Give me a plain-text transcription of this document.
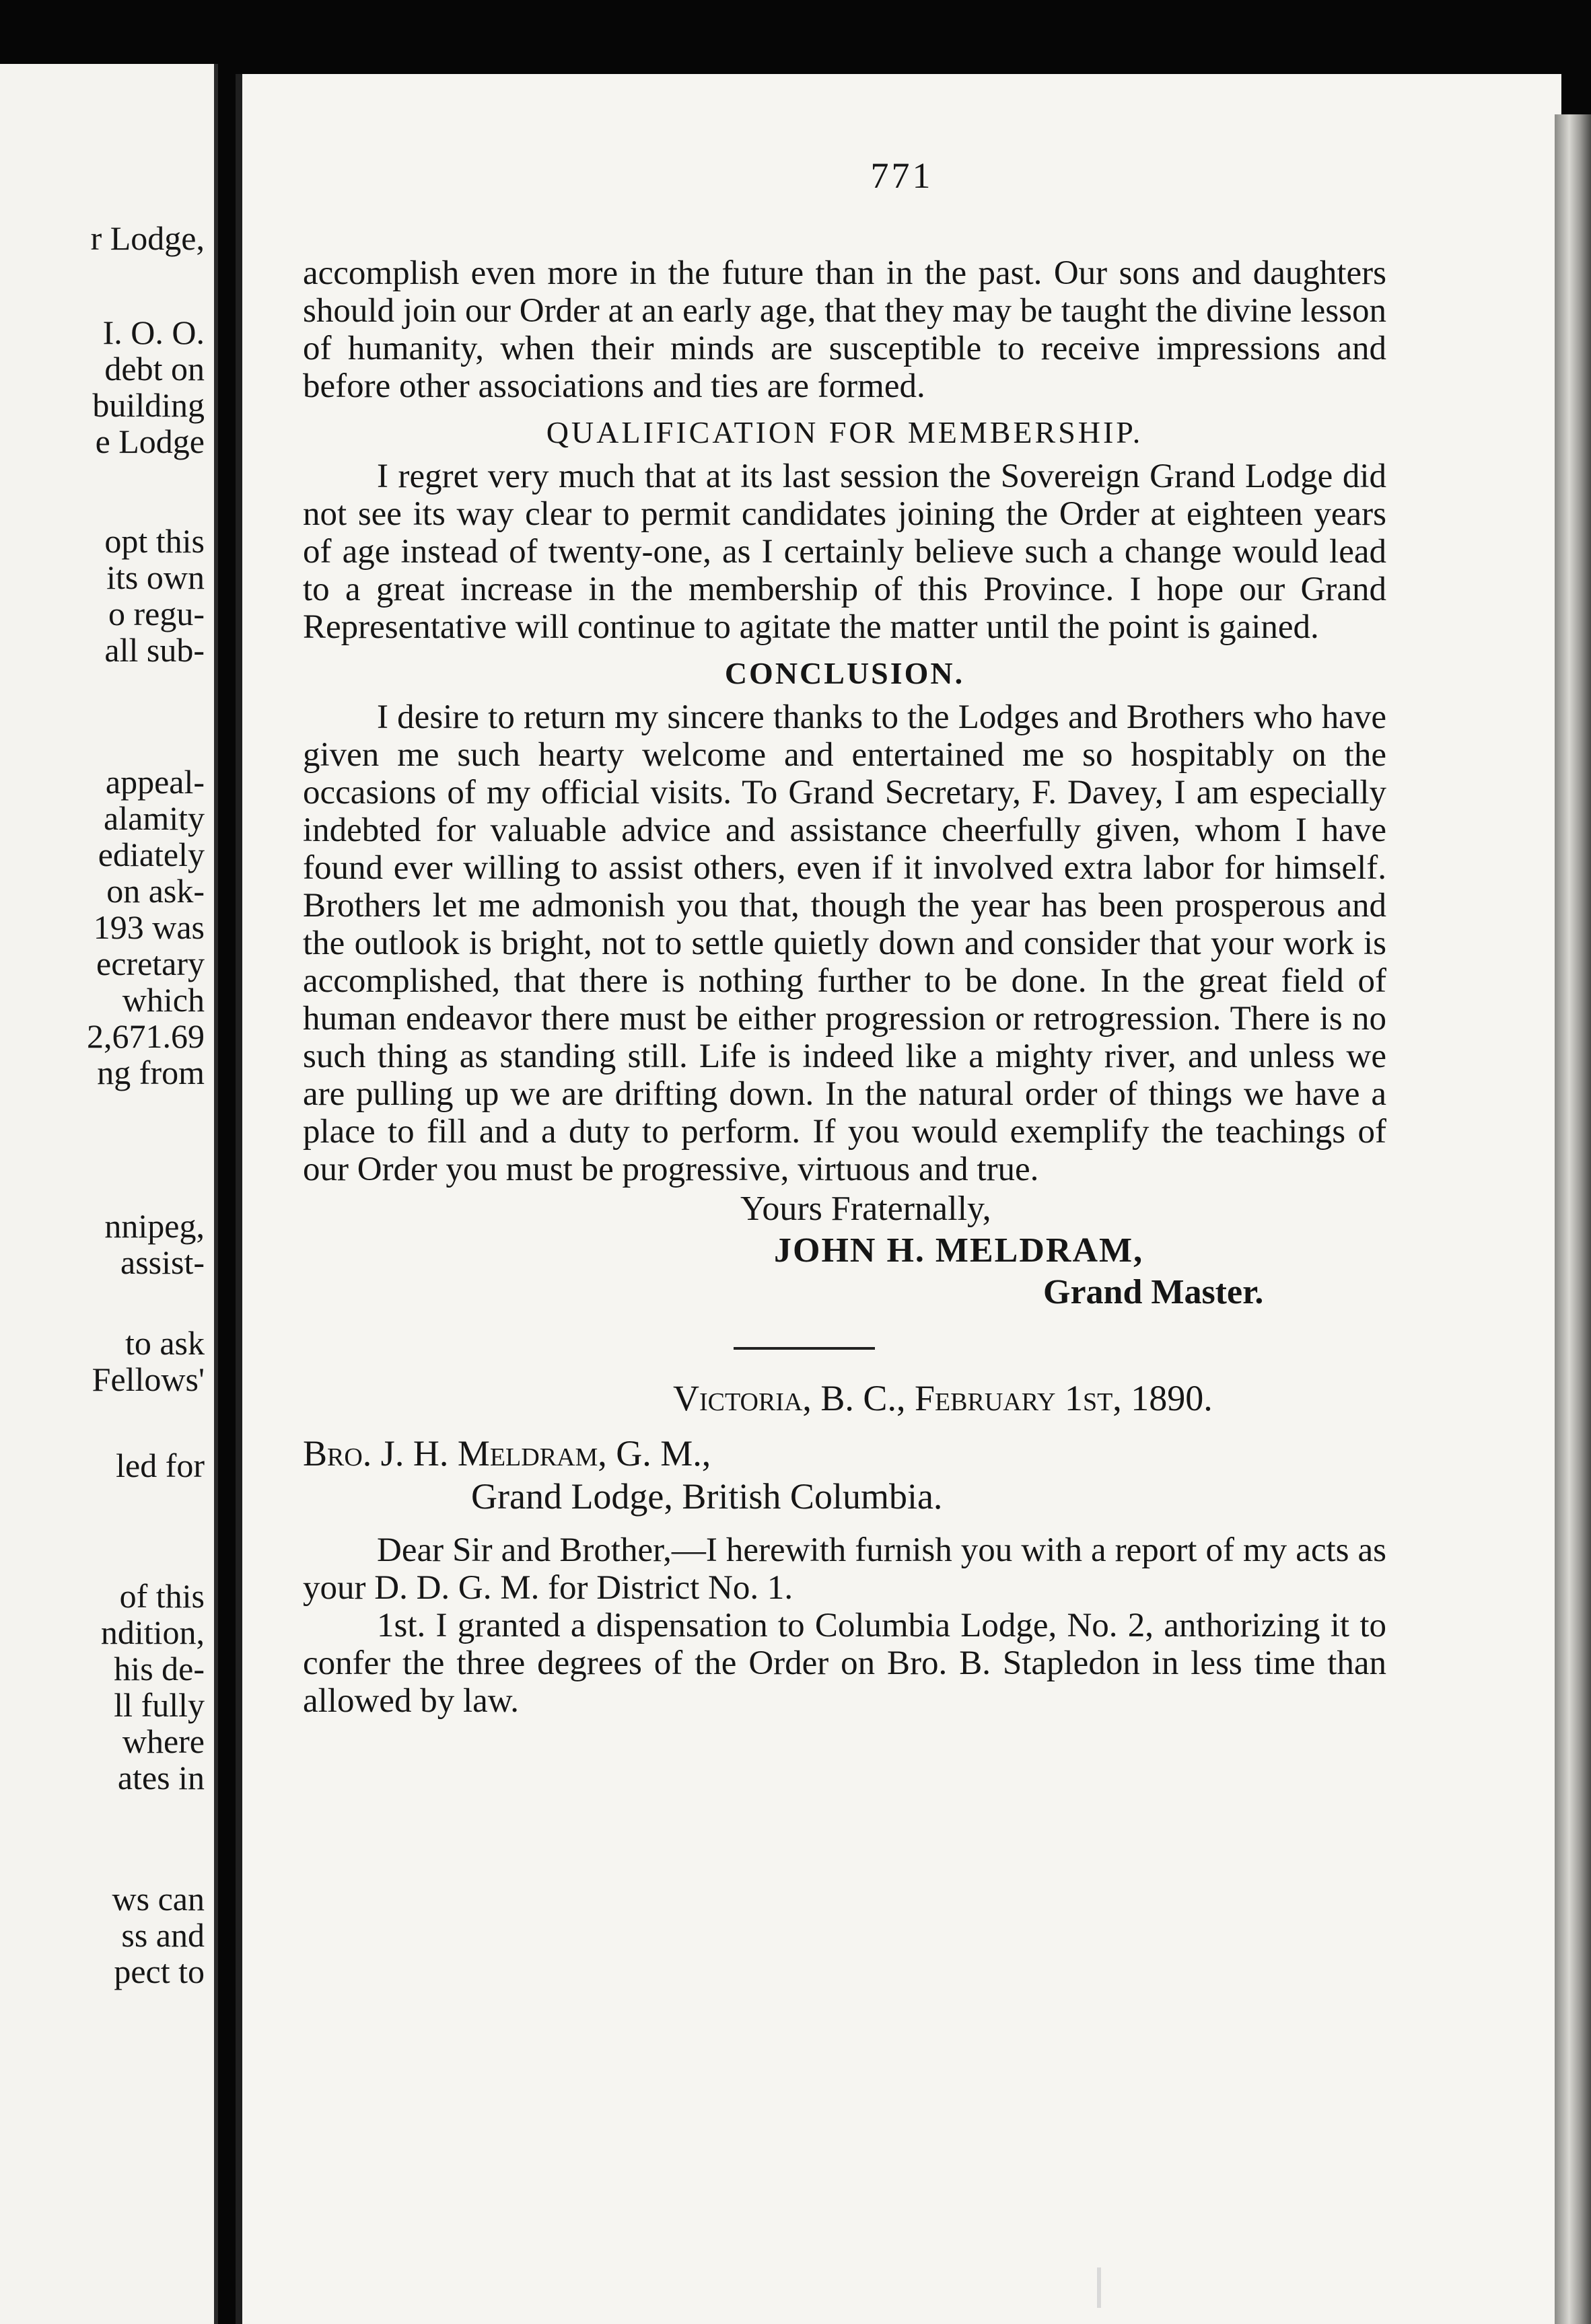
r Lodge,

I. O. O.

debt on

building

e Lodge

opt this

its own

o regu-

all sub-

appeal-

alamity

ediately

on ask-

193 was

ecretary

which

2,671.69

ng from

nnipeg,

assist-

to ask

Fellows'

led for

of this

ndition,

his de-

ll fully

where

ates in

ws can

ss and

pect to

771

accomplish even more in the future than in the past. Our sons and daughters should join our Order at an early age, that they may be taught the divine lesson of humanity, when their minds are susceptible to receive impressions and before other associations and ties are formed.

QUALIFICATION FOR MEMBERSHIP.

I regret very much that at its last session the Sovereign Grand Lodge did not see its way clear to permit candidates joining the Order at eighteen years of age instead of twenty-one, as I certainly believe such a change would lead to a great increase in the membership of this Province. I hope our Grand Representative will continue to agitate the matter until the point is gained.

CONCLUSION.

I desire to return my sincere thanks to the Lodges and Brothers who have given me such hearty welcome and entertained me so hospitably on the occasions of my official visits. To Grand Secretary, F. Davey, I am especially indebted for valuable advice and assistance cheerfully given, whom I have found ever willing to assist others, even if it involved extra labor for himself. Brothers let me admonish you that, though the year has been prosperous and the outlook is bright, not to settle quietly down and consider that your work is accomplished, that there is nothing further to be done. In the great field of human endeavor there must be either progression or retrogression. There is no such thing as standing still. Life is indeed like a mighty river, and unless we are pulling up we are drifting down. In the natural order of things we have a place to fill and a duty to perform. If you would exemplify the teachings of our Order you must be progressive, virtuous and true.

Yours Fraternally,

JOHN H. MELDRAM,

Grand Master.

Victoria, B. C., February 1st, 1890.

Bro. J. H. Meldram, G. M.,

Grand Lodge, British Columbia.

Dear Sir and Brother,—I herewith furnish you with a report of my acts as your D. D. G. M. for District No. 1.

1st. I granted a dispensation to Columbia Lodge, No. 2, anthorizing it to confer the three degrees of the Order on Bro. B. Stapledon in less time than allowed by law.
